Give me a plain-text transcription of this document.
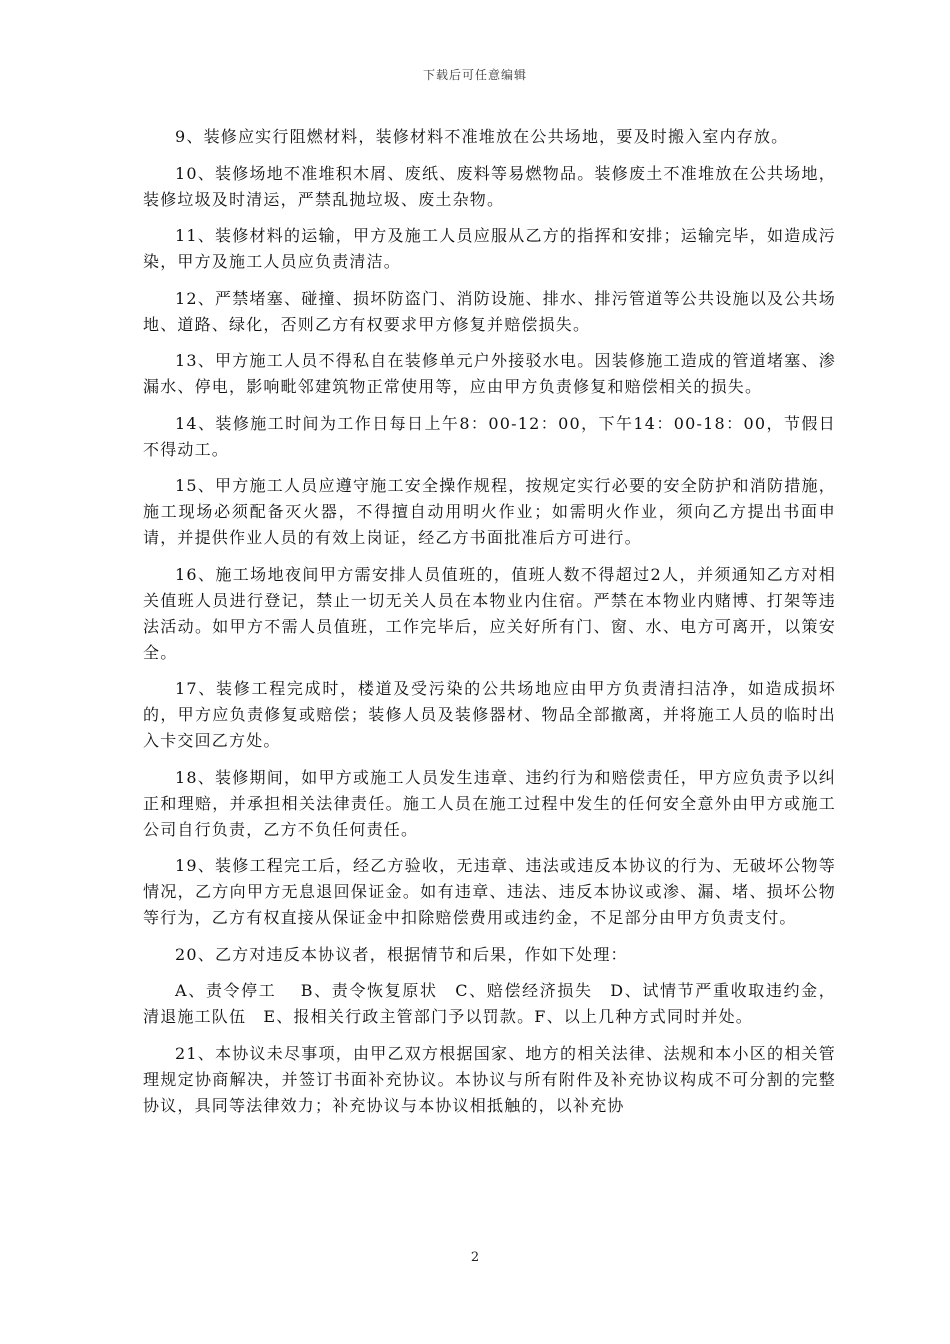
下载后可任意编辑

9、装修应实行阻燃材料，装修材料不准堆放在公共场地，要及时搬入室内存放。

10、装修场地不准堆积木屑、废纸、废料等易燃物品。装修废土不准堆放在公共场地，装修垃圾及时清运，严禁乱抛垃圾、废土杂物。

11、装修材料的运输，甲方及施工人员应服从乙方的指挥和安排；运输完毕，如造成污染，甲方及施工人员应负责清洁。

12、严禁堵塞、碰撞、损坏防盗门、消防设施、排水、排污管道等公共设施以及公共场地、道路、绿化，否则乙方有权要求甲方修复并赔偿损失。

13、甲方施工人员不得私自在装修单元户外接驳水电。因装修施工造成的管道堵塞、渗漏水、停电，影响毗邻建筑物正常使用等，应由甲方负责修复和赔偿相关的损失。

14、装修施工时间为工作日每日上午8：00-12：00，下午14：00-18：00，节假日不得动工。

15、甲方施工人员应遵守施工安全操作规程，按规定实行必要的安全防护和消防措施，施工现场必须配备灭火器，不得擅自动用明火作业；如需明火作业，须向乙方提出书面申请，并提供作业人员的有效上岗证，经乙方书面批准后方可进行。

16、施工场地夜间甲方需安排人员值班的，值班人数不得超过2人，并须通知乙方对相关值班人员进行登记，禁止一切无关人员在本物业内住宿。严禁在本物业内赌博、打架等违法活动。如甲方不需人员值班，工作完毕后，应关好所有门、窗、水、电方可离开，以策安全。

17、装修工程完成时，楼道及受污染的公共场地应由甲方负责清扫洁净，如造成损坏的，甲方应负责修复或赔偿；装修人员及装修器材、物品全部撤离，并将施工人员的临时出入卡交回乙方处。

18、装修期间，如甲方或施工人员发生违章、违约行为和赔偿责任，甲方应负责予以纠正和理赔，并承担相关法律责任。施工人员在施工过程中发生的任何安全意外由甲方或施工公司自行负责，乙方不负任何责任。

19、装修工程完工后，经乙方验收，无违章、违法或违反本协议的行为、无破坏公物等情况，乙方向甲方无息退回保证金。如有违章、违法、违反本协议或渗、漏、堵、损坏公物等行为，乙方有权直接从保证金中扣除赔偿费用或违约金，不足部分由甲方负责支付。

20、乙方对违反本协议者，根据情节和后果，作如下处理：

A、责令停工　 B、责令恢复原状　C、赔偿经济损失　D、试情节严重收取违约金，清退施工队伍　E、报相关行政主管部门予以罚款。F、以上几种方式同时并处。

21、本协议未尽事项，由甲乙双方根据国家、地方的相关法律、法规和本小区的相关管理规定协商解决，并签订书面补充协议。本协议与所有附件及补充协议构成不可分割的完整协议，具同等法律效力；补充协议与本协议相抵触的，以补充协

2
